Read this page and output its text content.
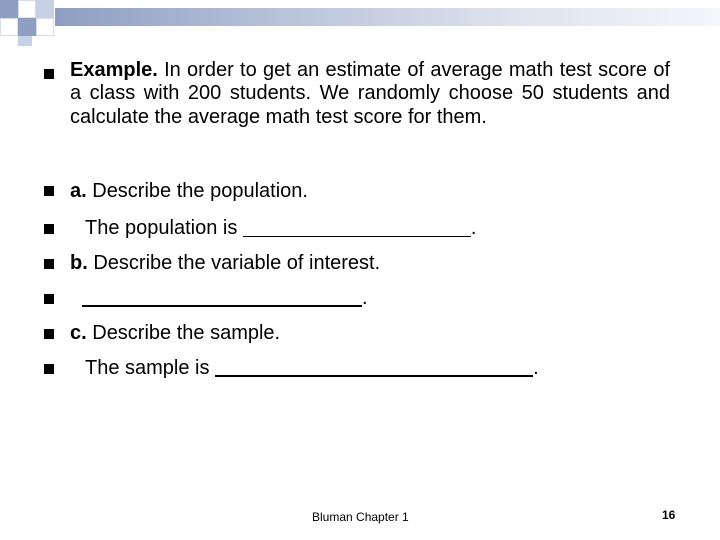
Example. In order to get an estimate of average math test score of a class with 200 students. We randomly choose 50 students and calculate the average math test score for them.
a. Describe the population.
The population is	.
b. Describe the variable of interest.
.
c. Describe the sample.
The sample is	.
Bluman Chapter 1	16
